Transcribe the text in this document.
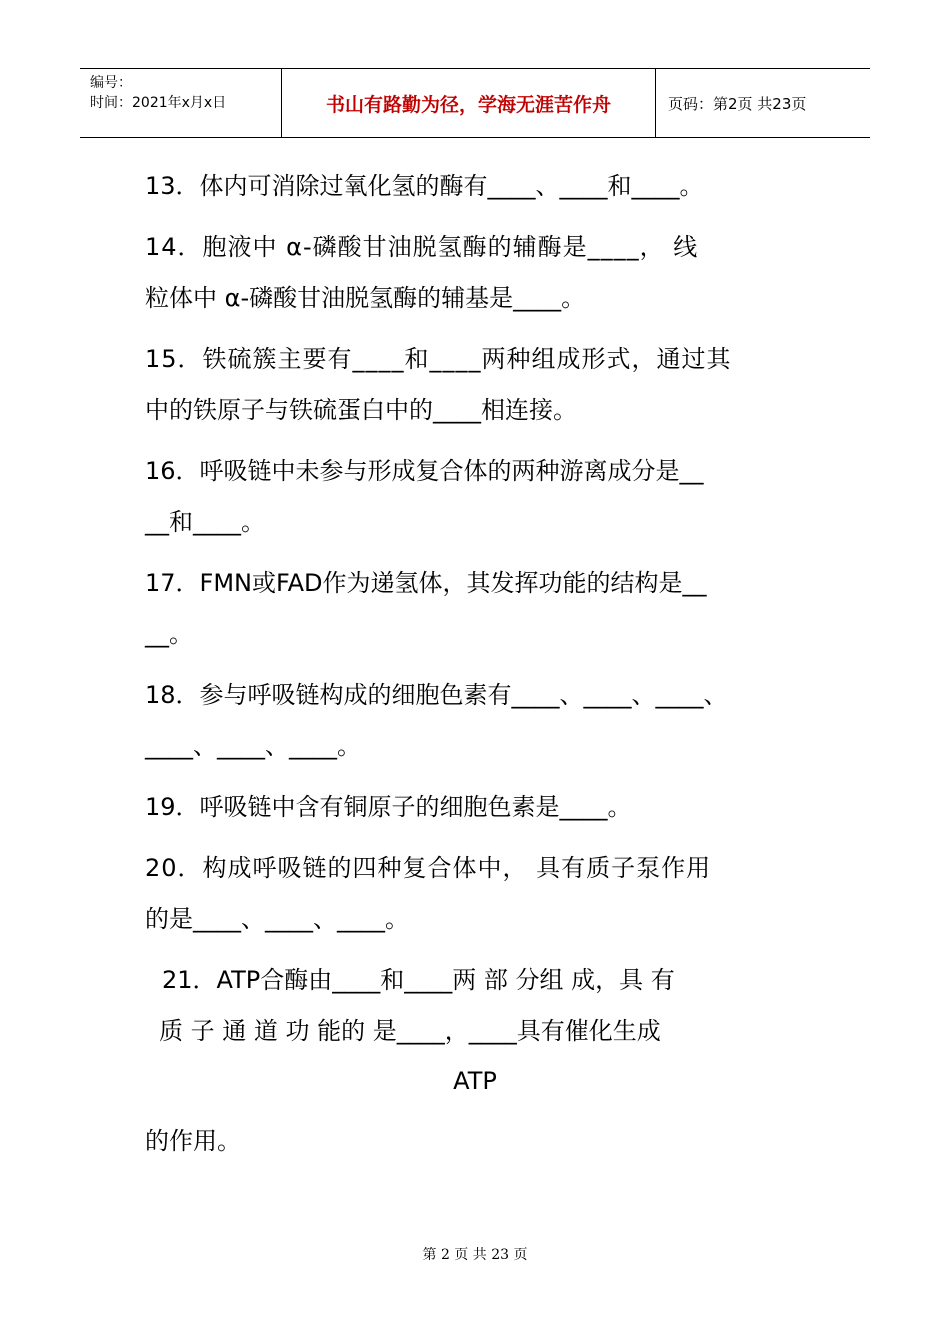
编号：
时间：2021年x月x日	书山有路勤为径，学海无涯苦作舟	页码：第2页 共23页
13．体内可消除过氧化氢的酶有____、____和____。
14．胞液中 α-磷酸甘油脱氢酶的辅酶是____， 线
粒体中 α-磷酸甘油脱氢酶的辅基是____。
15．铁硫簇主要有____和____两种组成形式，通过其
中的铁原子与铁硫蛋白中的____相连接。
16．呼吸链中未参与形成复合体的两种游离成分是__
__和____。
17．FMN或FAD作为递氢体，其发挥功能的结构是__
__。
18．参与呼吸链构成的细胞色素有____、____、____、
____、____、____。
19．呼吸链中含有铜原子的细胞色素是____。
20．构成呼吸链的四种复合体中， 具有质子泵作用
的是____、____、____。
21．ATP合酶由____和____两 部 分组 成，具 有
质 子 通 道 功 能的 是____，____具有催化生成
ATP
的作用。
第 2 页 共 23 页
